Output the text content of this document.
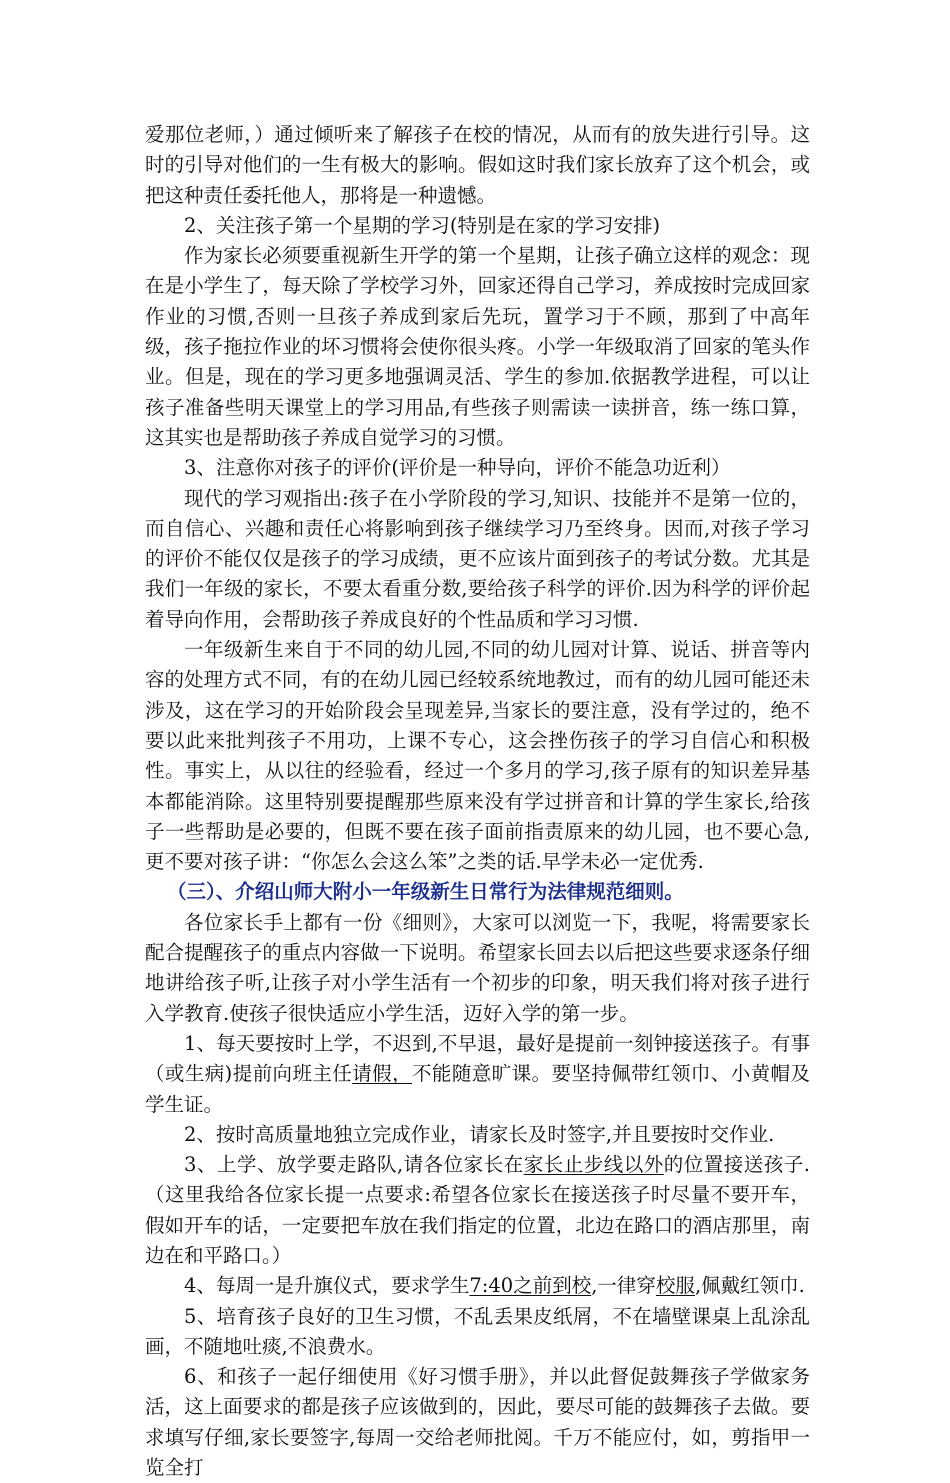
爱那位老师，）通过倾听来了解孩子在校的情况，从而有的放失进行引导。这时的引导对他们的一生有极大的影响。假如这时我们家长放弃了这个机会，或把这种责任委托他人，那将是一种遗憾。

2、关注孩子第一个星期的学习(特别是在家的学习安排)

作为家长必须要重视新生开学的第一个星期，让孩子确立这样的观念：现在是小学生了，每天除了学校学习外，回家还得自己学习，养成按时完成回家作业的习惯,否则一旦孩子养成到家后先玩，置学习于不顾，那到了中高年级，孩子拖拉作业的坏习惯将会使你很头疼。小学一年级取消了回家的笔头作业。但是，现在的学习更多地强调灵活、学生的参加.依据教学进程，可以让孩子准备些明天课堂上的学习用品,有些孩子则需读一读拼音，练一练口算，这其实也是帮助孩子养成自觉学习的习惯。

3、注意你对孩子的评价(评价是一种导向，评价不能急功近利）

现代的学习观指出:孩子在小学阶段的学习,知识、技能并不是第一位的，而自信心、兴趣和责任心将影响到孩子继续学习乃至终身。因而,对孩子学习的评价不能仅仅是孩子的学习成绩，更不应该片面到孩子的考试分数。尤其是我们一年级的家长，不要太看重分数,要给孩子科学的评价.因为科学的评价起着导向作用，会帮助孩子养成良好的个性品质和学习习惯.

一年级新生来自于不同的幼儿园,不同的幼儿园对计算、说话、拼音等内容的处理方式不同，有的在幼儿园已经较系统地教过，而有的幼儿园可能还未涉及，这在学习的开始阶段会呈现差异,当家长的要注意，没有学过的，绝不要以此来批判孩子不用功，上课不专心，这会挫伤孩子的学习自信心和积极性。事实上，从以往的经验看，经过一个多月的学习,孩子原有的知识差异基本都能消除。这里特别要提醒那些原来没有学过拼音和计算的学生家长,给孩子一些帮助是必要的，但既不要在孩子面前指责原来的幼儿园，也不要心急,更不要对孩子讲：“你怎么会这么笨”之类的话.早学未必一定优秀.

（三）、介绍山师大附小一年级新生日常行为法律规范细则。

各位家长手上都有一份《细则》，大家可以浏览一下，我呢，将需要家长配合提醒孩子的重点内容做一下说明。希望家长回去以后把这些要求逐条仔细地讲给孩子听,让孩子对小学生活有一个初步的印象，明天我们将对孩子进行入学教育.使孩子很快适应小学生活，迈好入学的第一步。

1、每天要按时上学，不迟到,不早退，最好是提前一刻钟接送孩子。有事（或生病)提前向班主任请假，不能随意旷课。要坚持佩带红领巾、小黄帽及学生证。

2、按时高质量地独立完成作业，请家长及时签字,并且要按时交作业.

3、上学、放学要走路队,请各位家长在家长止步线以外的位置接送孩子.（这里我给各位家长提一点要求:希望各位家长在接送孩子时尽量不要开车，假如开车的话，一定要把车放在我们指定的位置，北边在路口的酒店那里，南边在和平路口。）

4、每周一是升旗仪式，要求学生7:40之前到校,一律穿校服,佩戴红领巾.

5、培育孩子良好的卫生习惯，不乱丢果皮纸屑，不在墙壁课桌上乱涂乱画，不随地吐痰,不浪费水。

6、和孩子一起仔细使用《好习惯手册》，并以此督促鼓舞孩子学做家务活，这上面要求的都是孩子应该做到的，因此，要尽可能的鼓舞孩子去做。要求填写仔细,家长要签字,每周一交给老师批阅。千万不能应付，如，剪指甲一览全打
